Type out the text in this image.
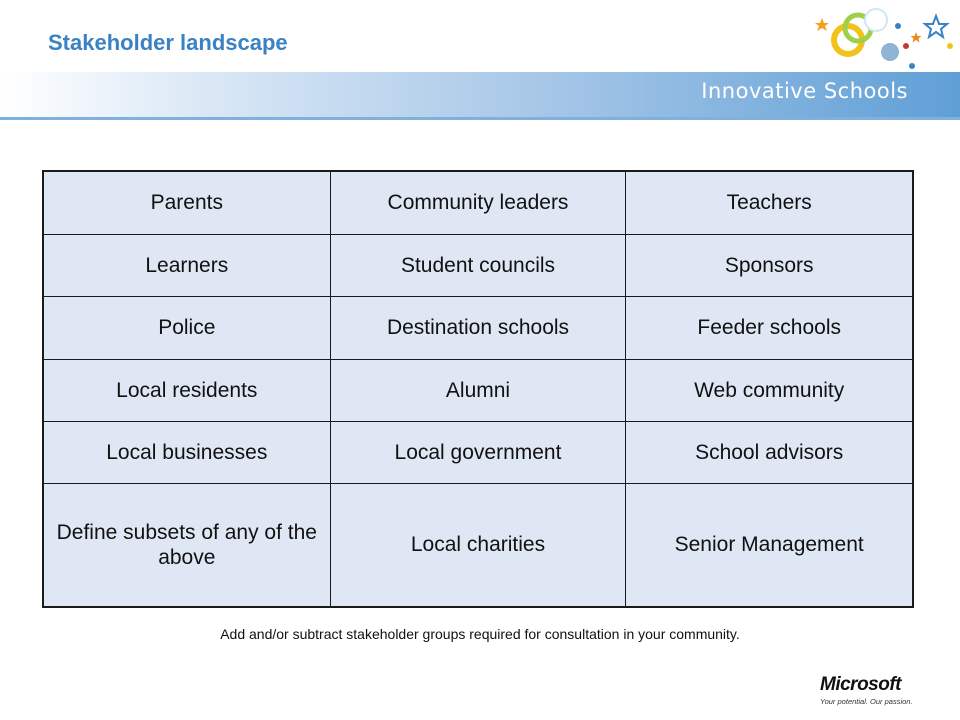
Stakeholder landscape
Innovative Schools
Parents	Community leaders	Teachers
Learners	Student councils	Sponsors
Police	Destination schools	Feeder schools
Local residents	Alumni	Web community
Local businesses	Local government	School advisors
Define subsets of any of the above	Local charities	Senior Management
Add and/or subtract stakeholder groups required for consultation in your community.
Microsoft
Your potential. Our passion.
